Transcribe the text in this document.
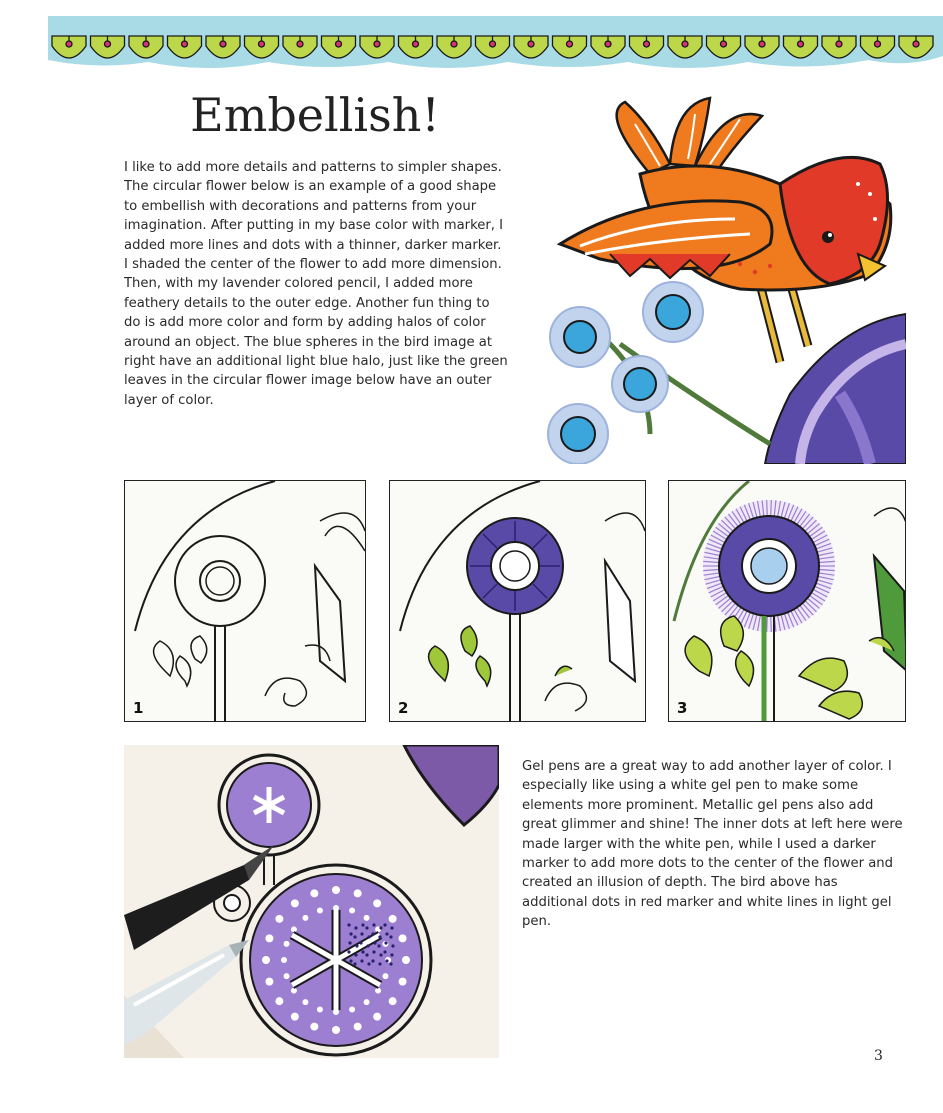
Embellish!

I like to add more details and patterns to simpler shapes. The circular flower below is an example of a good shape to embellish with decorations and patterns from your imagination. After putting in my base color with marker, I added more lines and dots with a thinner, darker marker. I shaded the center of the flower to add more dimension. Then, with my lavender colored pencil, I added more feathery details to the outer edge. Another fun thing to do is add more color and form by adding halos of color around an object. The blue spheres in the bird image at right have an additional light blue halo, just like the green leaves in the circular flower image below have an outer layer of color.

1	2	3

Gel pens are a great way to add another layer of color. I especially like using a white gel pen to make some elements more prominent. Metallic gel pens also add great glimmer and shine! The inner dots at left here were made larger with the white pen, while I used a darker marker to add more dots to the center of the flower and created an illusion of depth. The bird above has additional dots in red marker and white lines in light gel pen.

3
